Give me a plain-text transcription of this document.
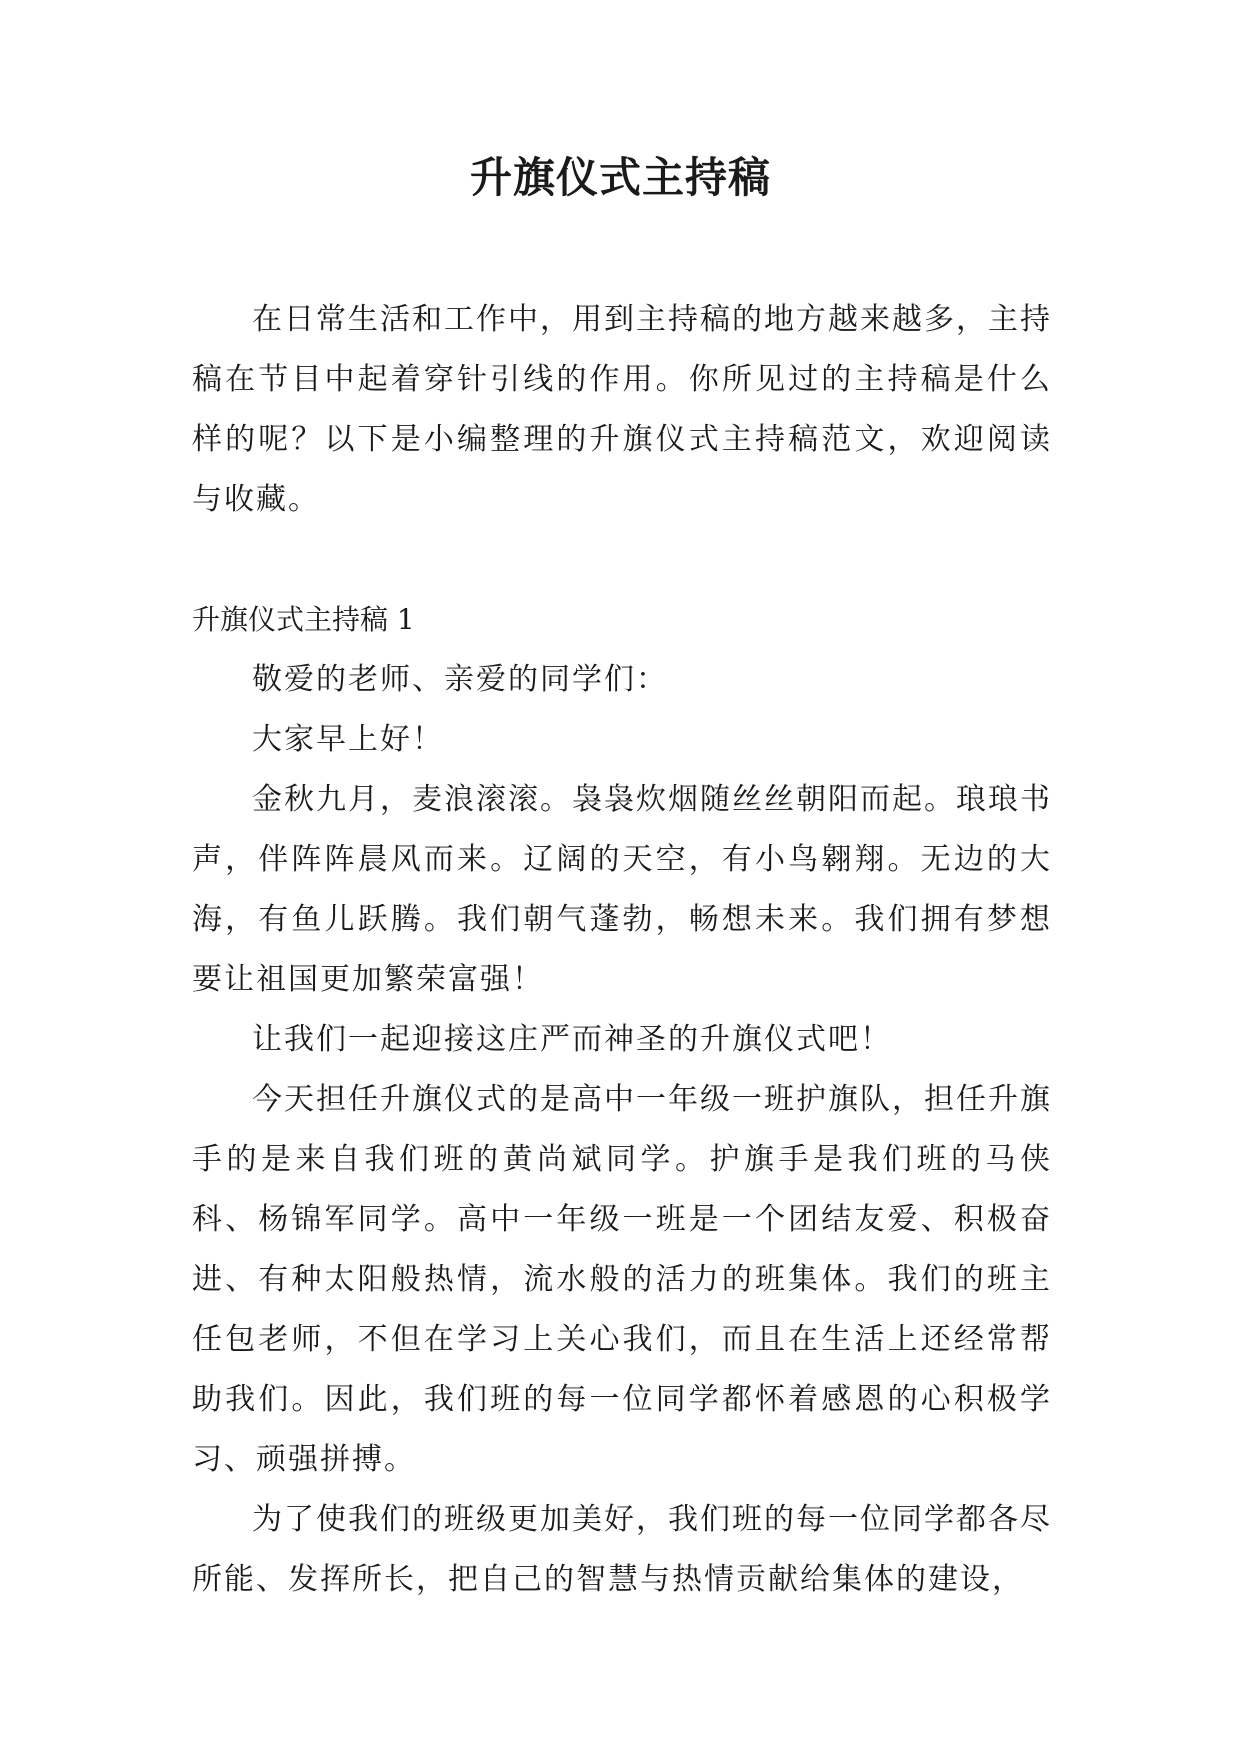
升旗仪式主持稿

在日常生活和工作中，用到主持稿的地方越来越多，主持稿在节目中起着穿针引线的作用。你所见过的主持稿是什么样的呢？以下是小编整理的升旗仪式主持稿范文，欢迎阅读与收藏。

升旗仪式主持稿 1

敬爱的老师、亲爱的同学们：

大家早上好！

金秋九月，麦浪滚滚。袅袅炊烟随丝丝朝阳而起。琅琅书声，伴阵阵晨风而来。辽阔的天空，有小鸟翱翔。无边的大海，有鱼儿跃腾。我们朝气蓬勃，畅想未来。我们拥有梦想要让祖国更加繁荣富强！

让我们一起迎接这庄严而神圣的升旗仪式吧！

今天担任升旗仪式的是高中一年级一班护旗队，担任升旗手的是来自我们班的黄尚斌同学。护旗手是我们班的马侠科、杨锦军同学。高中一年级一班是一个团结友爱、积极奋进、有种太阳般热情，流水般的活力的班集体。我们的班主任包老师，不但在学习上关心我们，而且在生活上还经常帮助我们。因此，我们班的每一位同学都怀着感恩的心积极学习、顽强拼搏。

为了使我们的班级更加美好，我们班的每一位同学都各尽所能、发挥所长，把自己的智慧与热情贡献给集体的建设，
